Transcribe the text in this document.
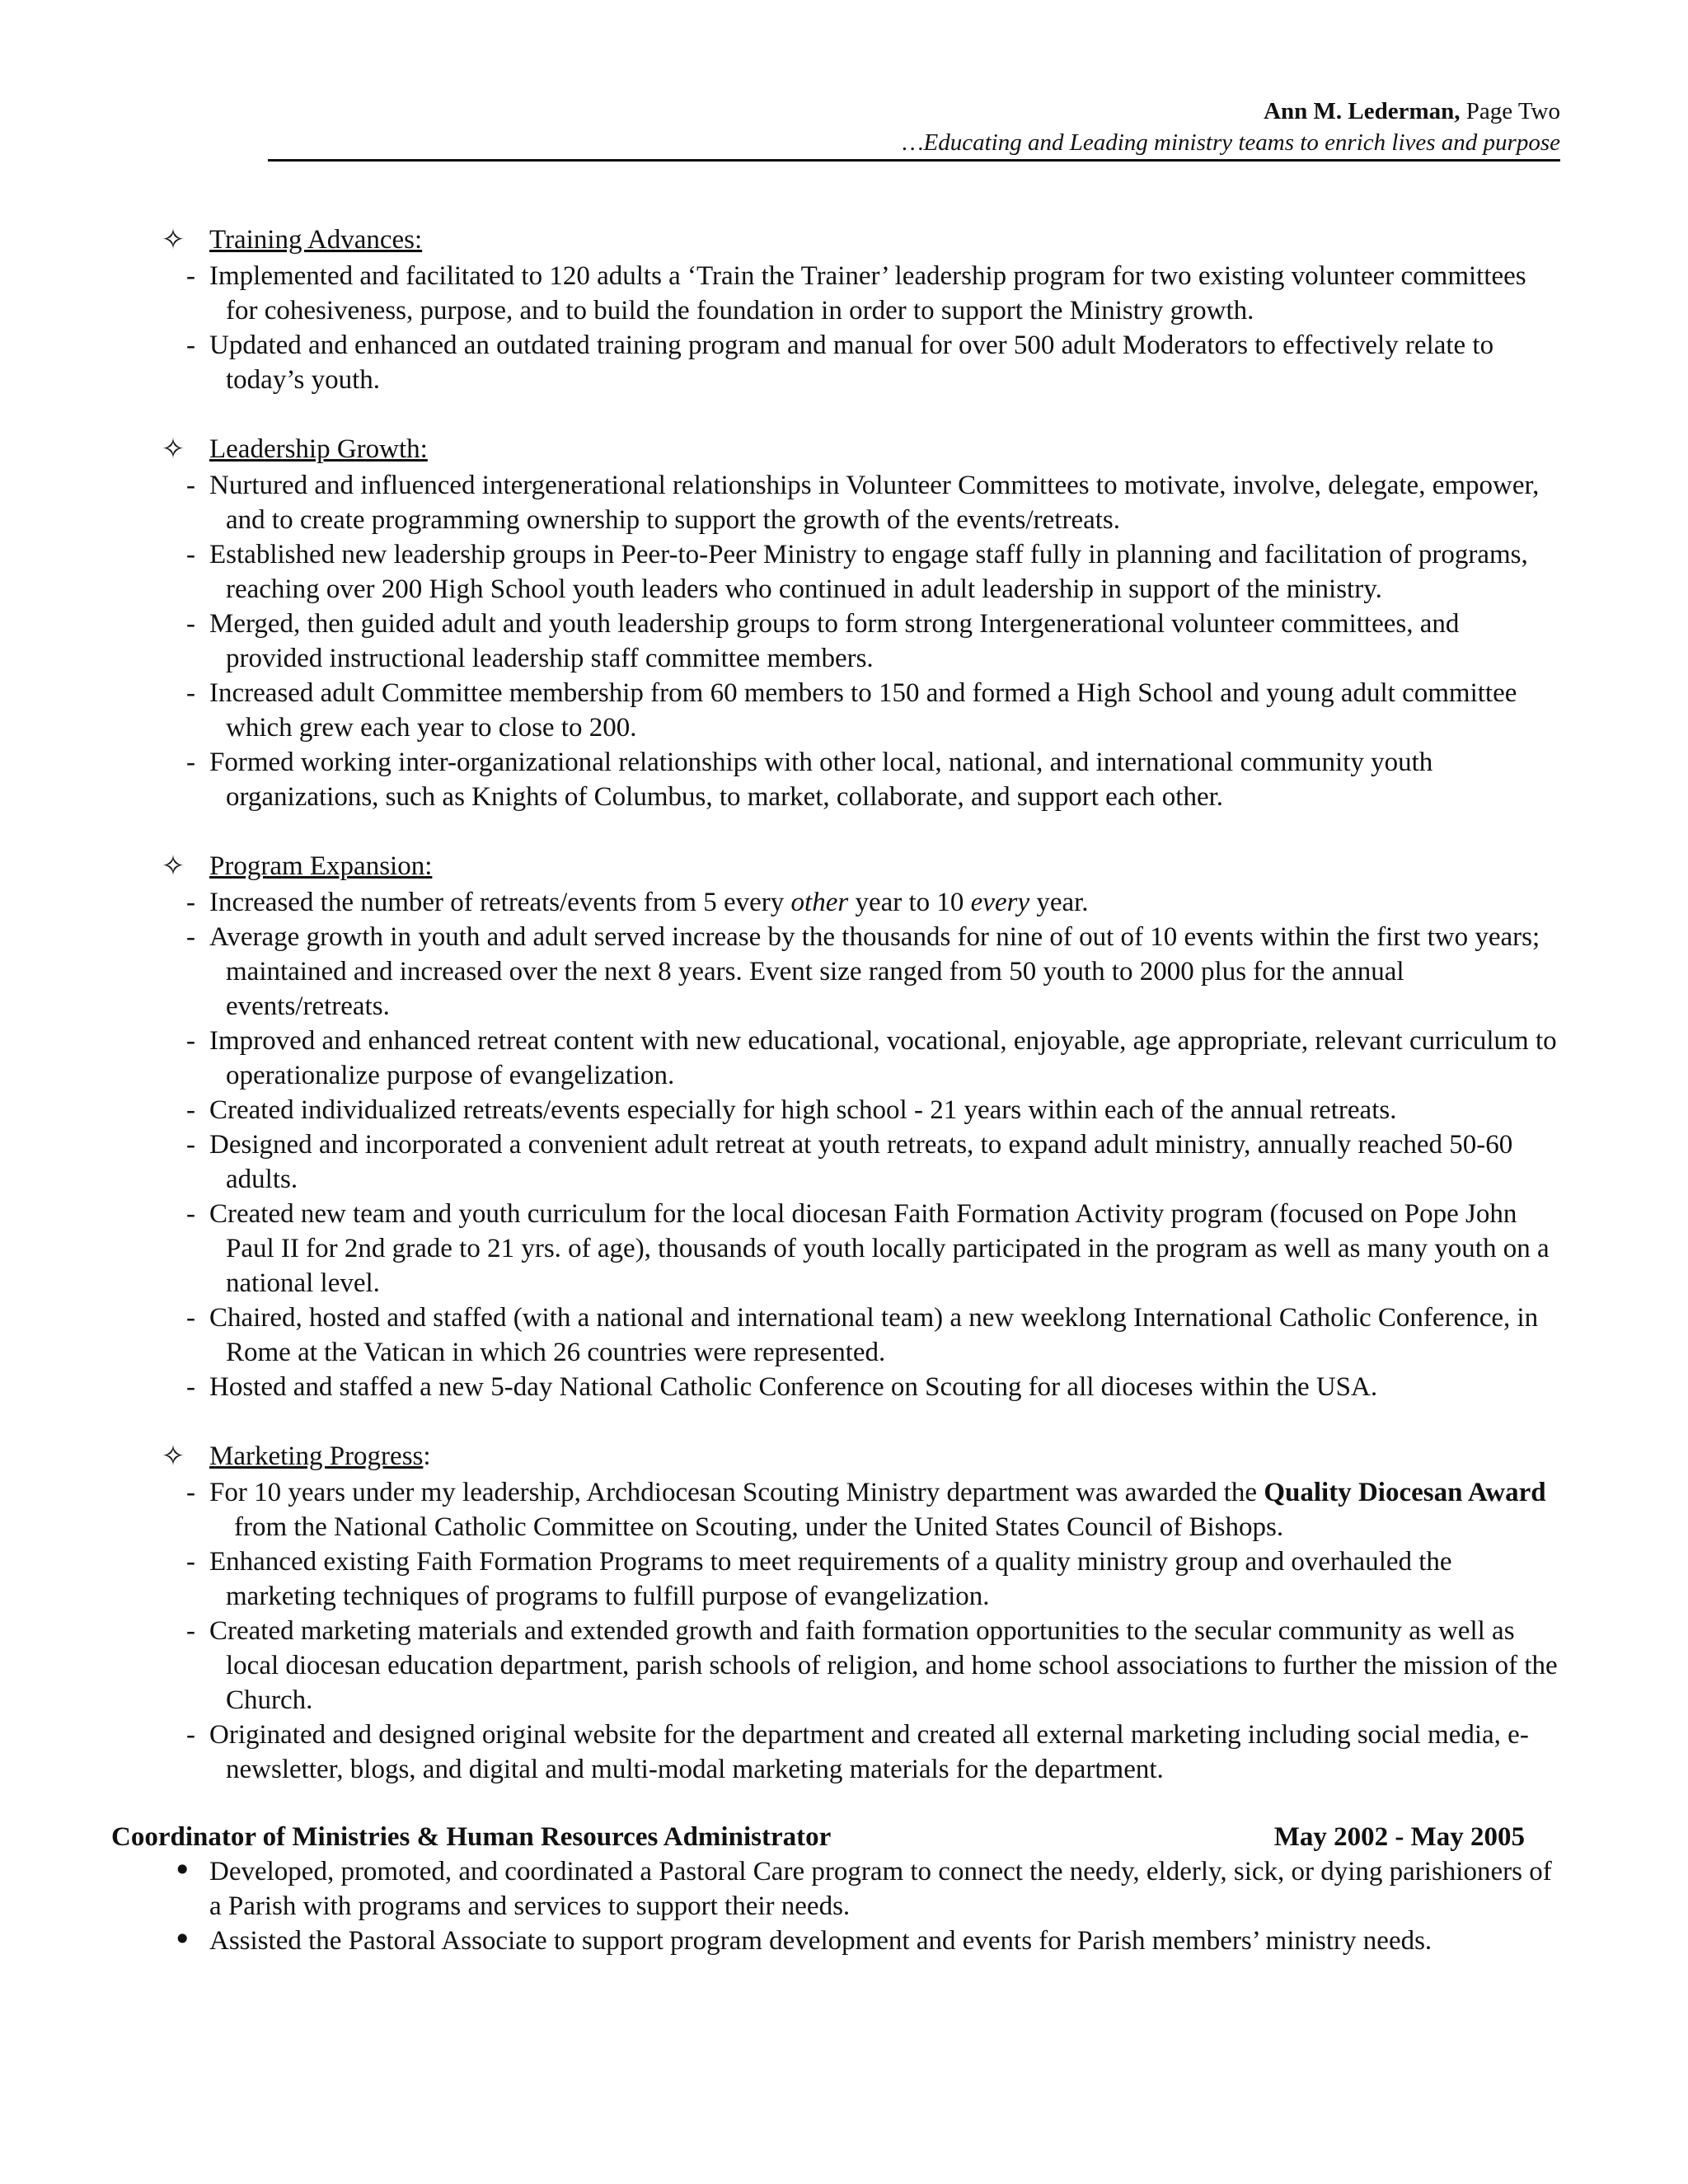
Ann M. Lederman, Page Two
…Educating and Leading ministry teams to enrich lives and purpose
✧ Training Advances:
- Implemented and facilitated to 120 adults a ‘Train the Trainer’ leadership program for two existing volunteer committees for cohesiveness, purpose, and to build the foundation in order to support the Ministry growth.
- Updated and enhanced an outdated training program and manual for over 500 adult Moderators to effectively relate to today’s youth.
✧ Leadership Growth:
- Nurtured and influenced intergenerational relationships in Volunteer Committees to motivate, involve, delegate, empower, and to create programming ownership to support the growth of the events/retreats.
- Established new leadership groups in Peer-to-Peer Ministry to engage staff fully in planning and facilitation of programs, reaching over 200 High School youth leaders who continued in adult leadership in support of the ministry.
- Merged, then guided adult and youth leadership groups to form strong Intergenerational volunteer committees, and provided instructional leadership staff committee members.
- Increased adult Committee membership from 60 members to 150 and formed a High School and young adult committee which grew each year to close to 200.
- Formed working inter-organizational relationships with other local, national, and international community youth organizations, such as Knights of Columbus, to market, collaborate, and support each other.
✧ Program Expansion:
- Increased the number of retreats/events from 5 every other year to 10 every year.
- Average growth in youth and adult served increase by the thousands for nine of out of 10 events within the first two years; maintained and increased over the next 8 years. Event size ranged from 50 youth to 2000 plus for the annual events/retreats.
- Improved and enhanced retreat content with new educational, vocational, enjoyable, age appropriate, relevant curriculum to operationalize purpose of evangelization.
- Created individualized retreats/events especially for high school - 21 years within each of the annual retreats.
- Designed and incorporated a convenient adult retreat at youth retreats, to expand adult ministry, annually reached 50-60 adults.
- Created new team and youth curriculum for the local diocesan Faith Formation Activity program (focused on Pope John Paul II for 2nd grade to 21 yrs. of age), thousands of youth locally participated in the program as well as many youth on a national level.
- Chaired, hosted and staffed (with a national and international team) a new weeklong International Catholic Conference, in Rome at the Vatican in which 26 countries were represented.
- Hosted and staffed a new 5-day National Catholic Conference on Scouting for all dioceses within the USA.
✧ Marketing Progress:
- For 10 years under my leadership, Archdiocesan Scouting Ministry department was awarded the Quality Diocesan Award from the National Catholic Committee on Scouting, under the United States Council of Bishops.
- Enhanced existing Faith Formation Programs to meet requirements of a quality ministry group and overhauled the marketing techniques of programs to fulfill purpose of evangelization.
- Created marketing materials and extended growth and faith formation opportunities to the secular community as well as local diocesan education department, parish schools of religion, and home school associations to further the mission of the Church.
- Originated and designed original website for the department and created all external marketing including social media, e-newsletter, blogs, and digital and multi-modal marketing materials for the department.
Coordinator of Ministries & Human Resources Administrator	May 2002 - May 2005
• Developed, promoted, and coordinated a Pastoral Care program to connect the needy, elderly, sick, or dying parishioners of a Parish with programs and services to support their needs.
• Assisted the Pastoral Associate to support program development and events for Parish members’ ministry needs.
